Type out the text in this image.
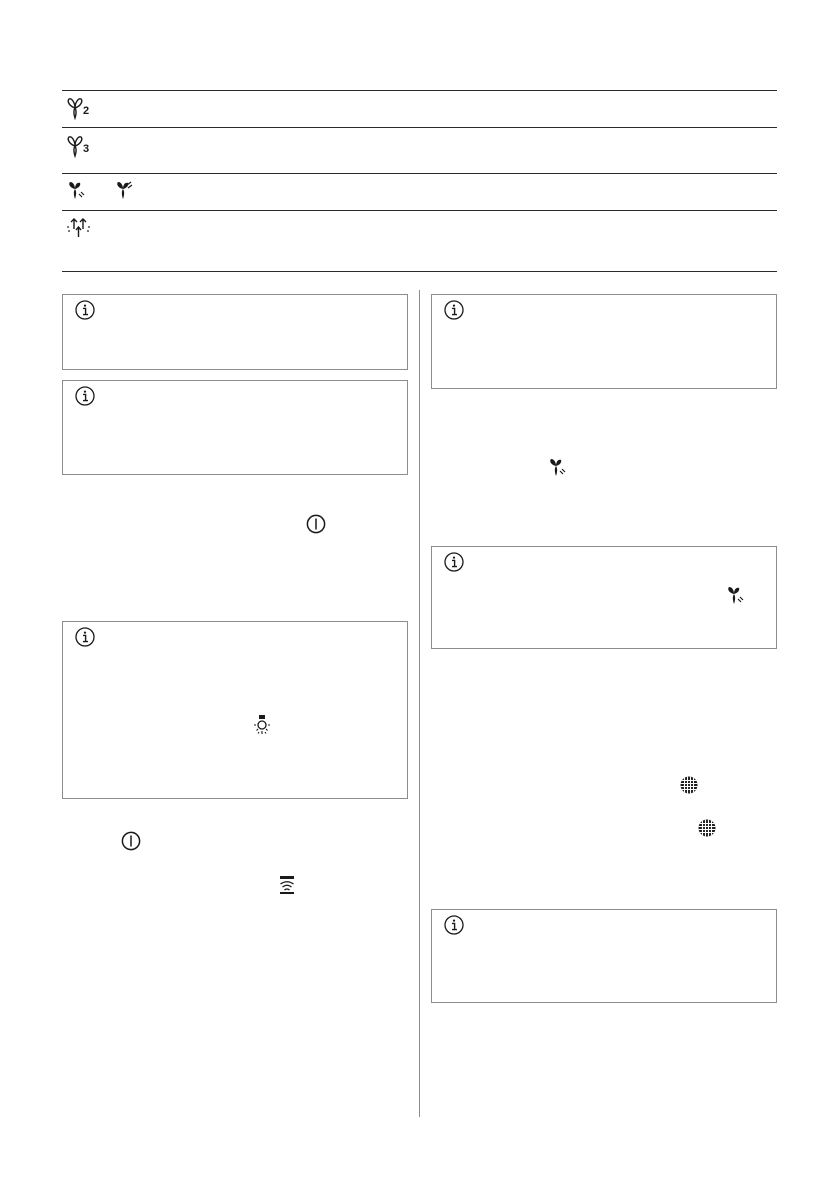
2
3
